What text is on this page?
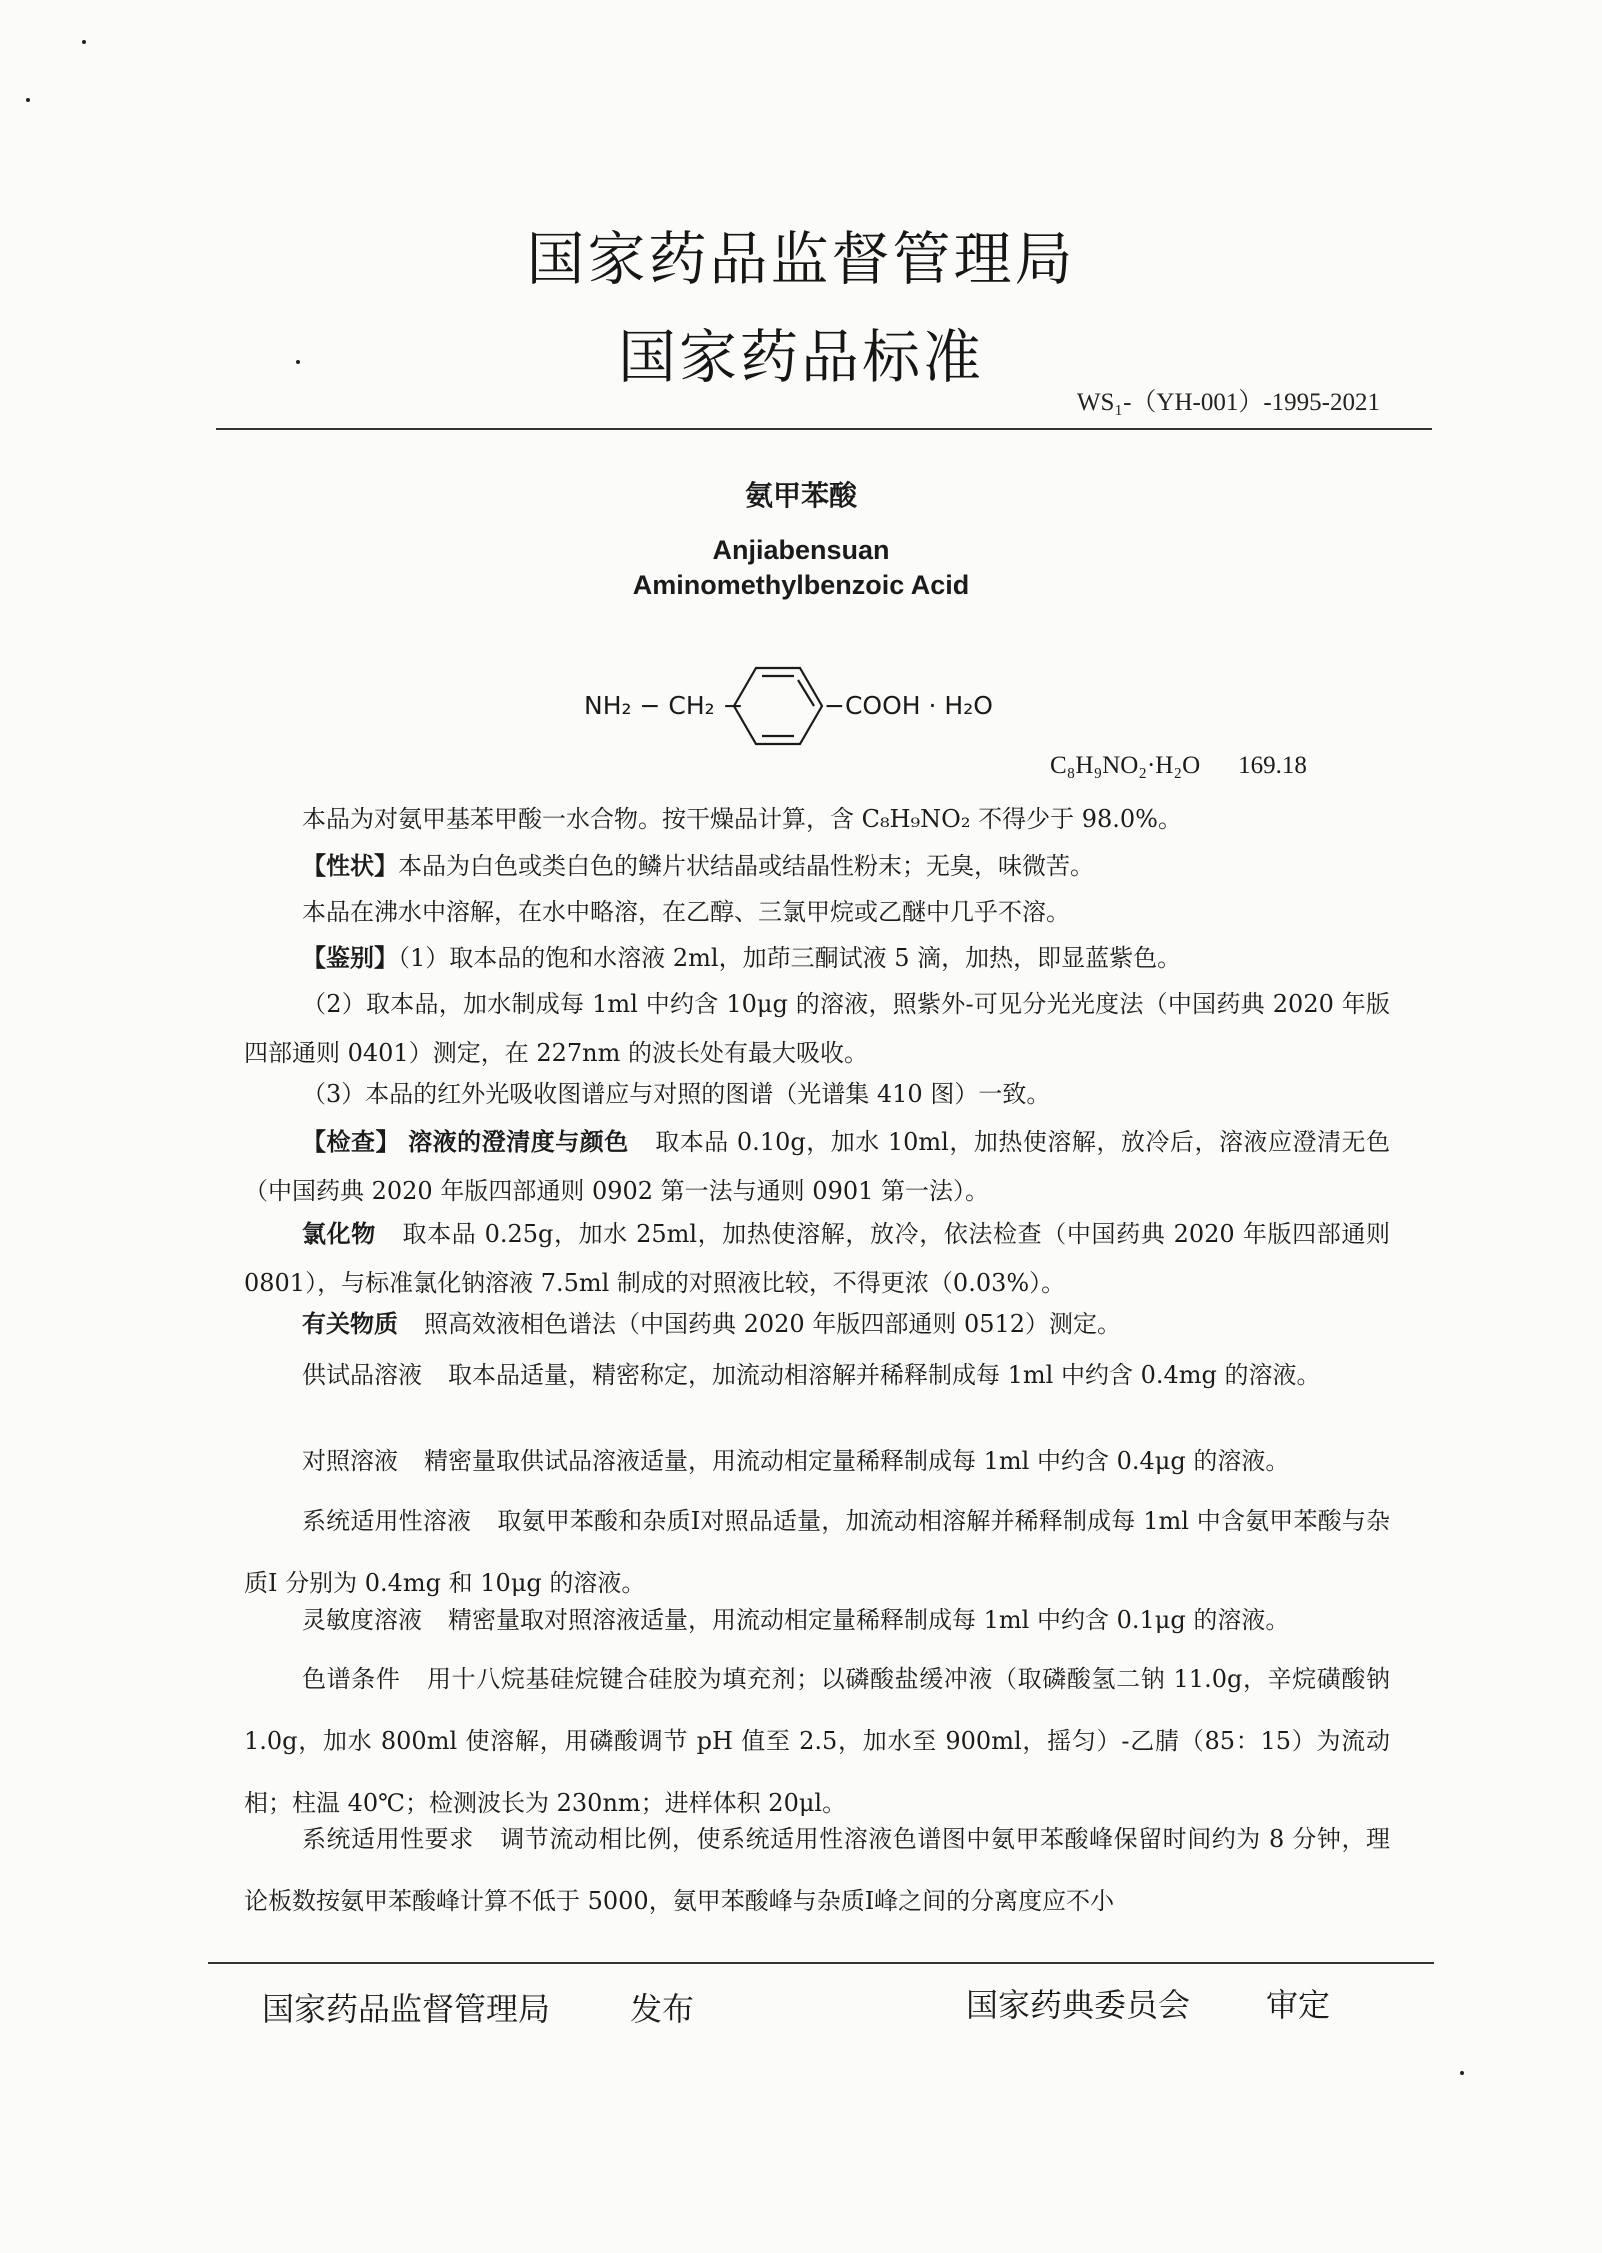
国家药品监督管理局
国家药品标准
WS₁-（YH-001）-1995-2021
氨甲苯酸
Anjiabensuan
Aminomethylbenzoic Acid
NH₂ − CH₂ −	−COOH · H₂O
C₈H₉NO₂·H₂O 169.18
本品为对氨甲基苯甲酸一水合物。按干燥品计算，含 C₈H₉NO₂ 不得少于 98.0%。
【性状】本品为白色或类白色的鳞片状结晶或结晶性粉末；无臭，味微苦。
本品在沸水中溶解，在水中略溶，在乙醇、三氯甲烷或乙醚中几乎不溶。
【鉴别】（1）取本品的饱和水溶液 2ml，加茚三酮试液 5 滴，加热，即显蓝紫色。
（2）取本品，加水制成每 1ml 中约含 10μg 的溶液，照紫外-可见分光光度法（中国药典 2020 年版四部通则 0401）测定，在 227nm 的波长处有最大吸收。
（3）本品的红外光吸收图谱应与对照的图谱（光谱集 410 图）一致。
【检查】 溶液的澄清度与颜色 取本品 0.10g，加水 10ml，加热使溶解，放冷后，溶液应澄清无色（中国药典 2020 年版四部通则 0902 第一法与通则 0901 第一法）。
氯化物 取本品 0.25g，加水 25ml，加热使溶解，放冷，依法检查（中国药典 2020 年版四部通则 0801），与标准氯化钠溶液 7.5ml 制成的对照液比较，不得更浓（0.03%）。
有关物质 照高效液相色谱法（中国药典 2020 年版四部通则 0512）测定。
供试品溶液 取本品适量，精密称定，加流动相溶解并稀释制成每 1ml 中约含 0.4mg 的溶液。
对照溶液 精密量取供试品溶液适量，用流动相定量稀释制成每 1ml 中约含 0.4μg 的溶液。
系统适用性溶液 取氨甲苯酸和杂质Ⅰ对照品适量，加流动相溶解并稀释制成每 1ml 中含氨甲苯酸与杂质Ⅰ 分别为 0.4mg 和 10μg 的溶液。
灵敏度溶液 精密量取对照溶液适量，用流动相定量稀释制成每 1ml 中约含 0.1μg 的溶液。
色谱条件 用十八烷基硅烷键合硅胶为填充剂；以磷酸盐缓冲液（取磷酸氢二钠 11.0g，辛烷磺酸钠 1.0g，加水 800ml 使溶解，用磷酸调节 pH 值至 2.5，加水至 900ml，摇匀）-乙腈（85：15）为流动相；柱温 40℃；检测波长为 230nm；进样体积 20μl。
系统适用性要求 调节流动相比例，使系统适用性溶液色谱图中氨甲苯酸峰保留时间约为 8 分钟，理论板数按氨甲苯酸峰计算不低于 5000，氨甲苯酸峰与杂质Ⅰ峰之间的分离度应不小
国家药品监督管理局 发布	国家药典委员会 审定
